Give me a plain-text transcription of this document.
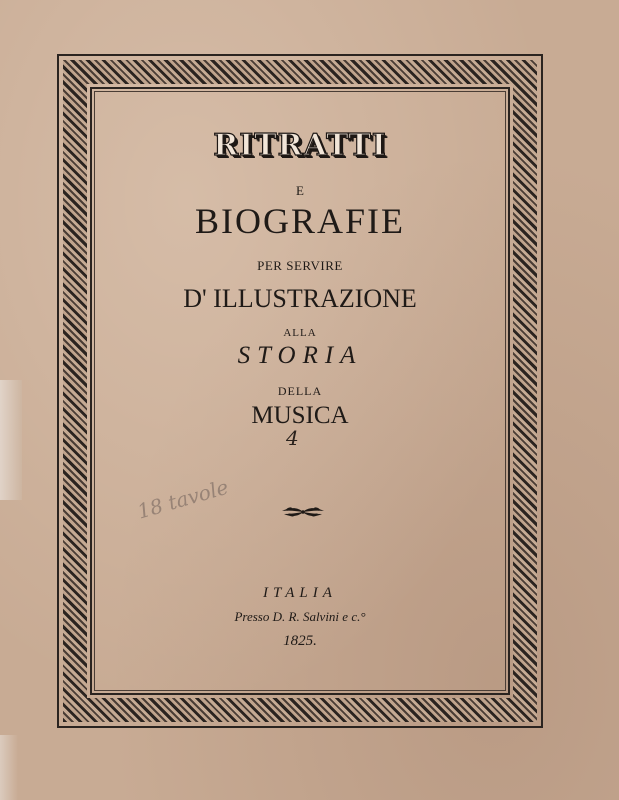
RITRATTI
E
BIOGRAFIE
PER SERVIRE
D' ILLUSTRAZIONE
ALLA
STORIA
DELLA
MUSICA
4
18 tavole
ITALIA
Presso D. R. Salvini e c.°
1825.
